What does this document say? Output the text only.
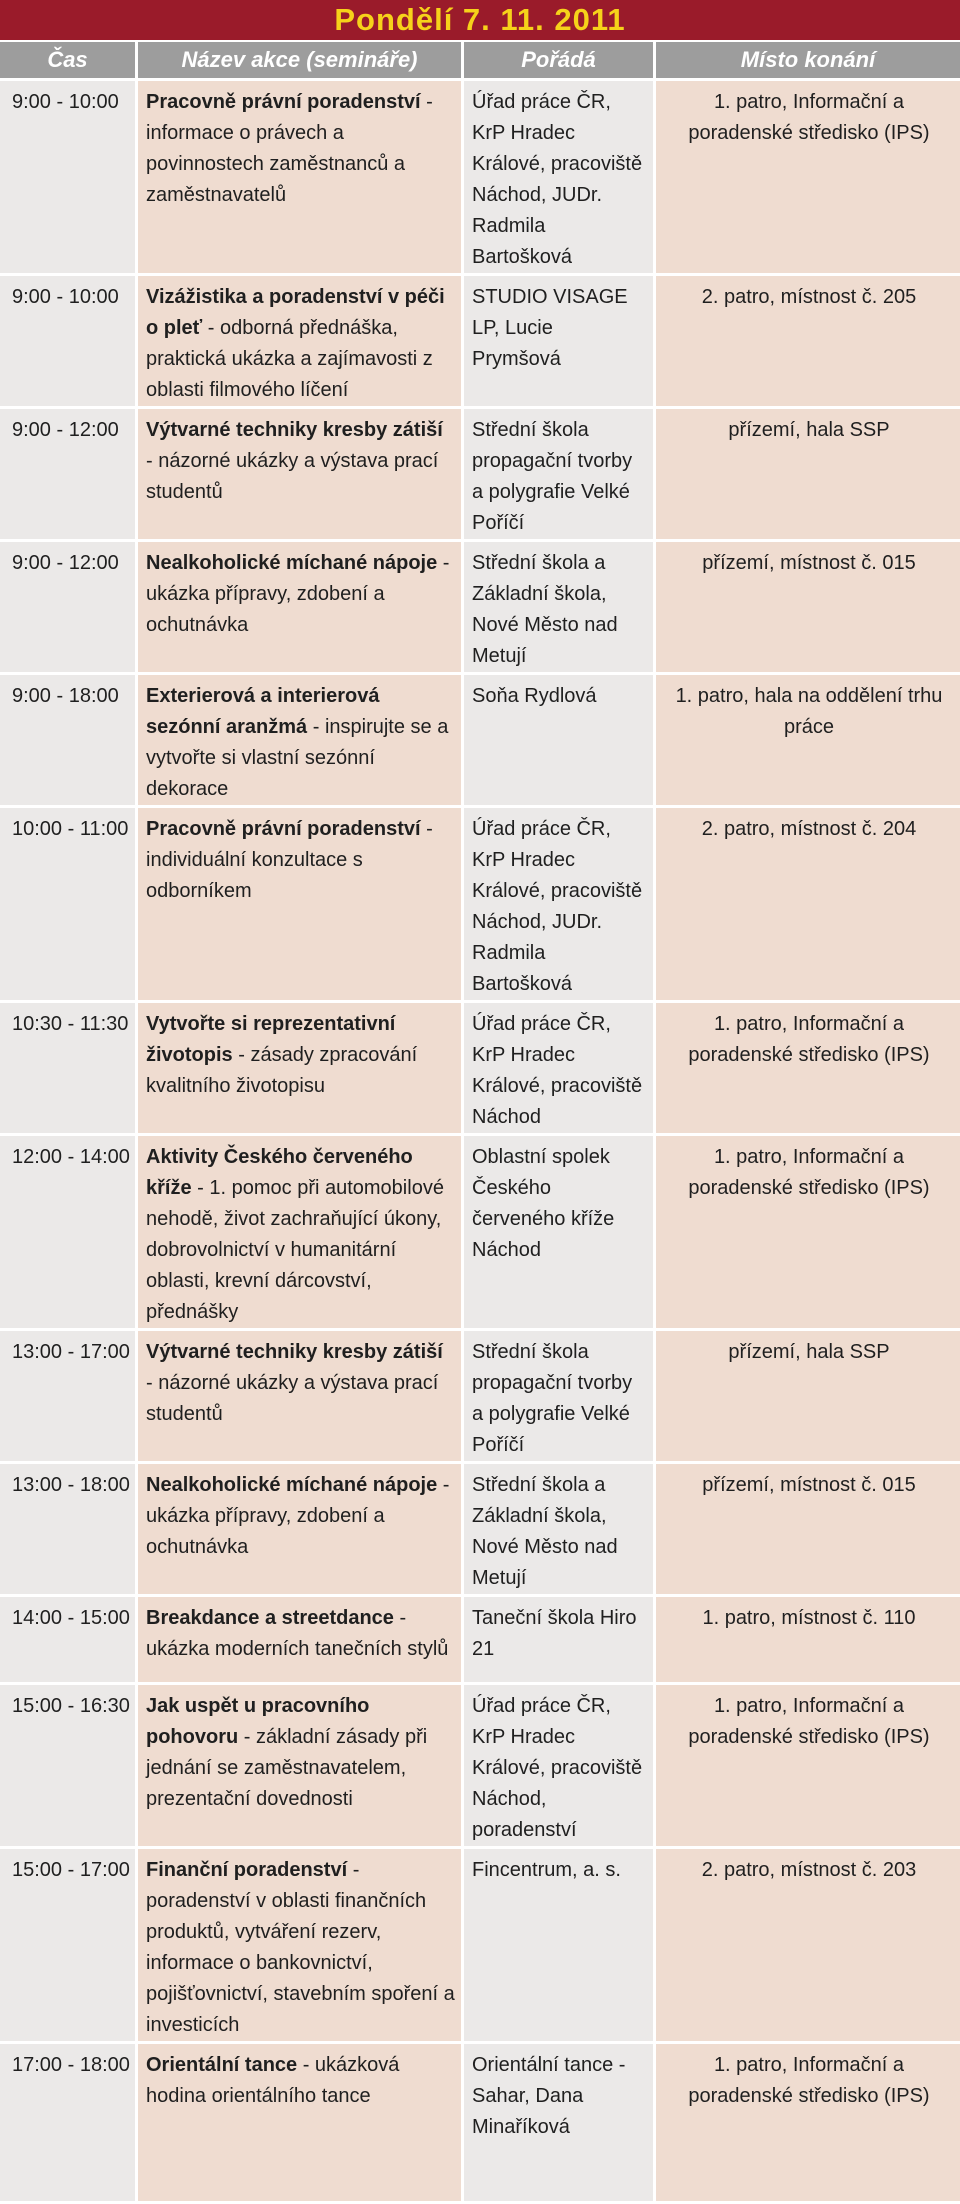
Pondělí 7. 11. 2011
Čas	Název akce (semináře)	Pořádá	Místo konání
9:00 - 10:00	Pracovně právní poradenství - informace o právech a povinnostech zaměstnanců a zaměstnavatelů	Úřad práce ČR, KrP Hradec Králové, pracoviště Náchod, JUDr. Radmila Bartošková	1. patro, Informační a poradenské středisko (IPS)
9:00 - 10:00	Vizážistika a poradenství v péči o pleť - odborná přednáška, praktická ukázka a zajímavosti z oblasti filmového líčení	STUDIO VISAGE LP, Lucie Prymšová	2. patro, místnost č. 205
9:00 - 12:00	Výtvarné techniky kresby zátiší - názorné ukázky a výstava prací studentů	Střední škola propagační tvorby a polygrafie Velké Poříčí	přízemí, hala SSP
9:00 - 12:00	Nealkoholické míchané nápoje - ukázka přípravy, zdobení a ochutnávka	Střední škola a Základní škola, Nové Město nad Metují	přízemí, místnost č. 015
9:00 - 18:00	Exterierová a interierová sezónní aranžmá - inspirujte se a vytvořte si vlastní sezónní dekorace	Soňa Rydlová	1. patro, hala na oddělení trhu práce
10:00 - 11:00	Pracovně právní poradenství - individuální konzultace s odborníkem	Úřad práce ČR, KrP Hradec Králové, pracoviště Náchod, JUDr. Radmila Bartošková	2. patro, místnost č. 204
10:30 - 11:30	Vytvořte si reprezentativní životopis - zásady zpracování kvalitního životopisu	Úřad práce ČR, KrP Hradec Králové, pracoviště Náchod	1. patro, Informační a poradenské středisko (IPS)
12:00 - 14:00	Aktivity Českého červeného kříže - 1. pomoc při automobilové nehodě, život zachraňující úkony, dobrovolnictví v humanitární oblasti, krevní dárcovství, přednášky	Oblastní spolek Českého červeného kříže Náchod	1. patro, Informační a poradenské středisko (IPS)
13:00 - 17:00	Výtvarné techniky kresby zátiší - názorné ukázky a výstava prací studentů	Střední škola propagační tvorby a polygrafie Velké Poříčí	přízemí, hala SSP
13:00 - 18:00	Nealkoholické míchané nápoje - ukázka přípravy, zdobení a ochutnávka	Střední škola a Základní škola, Nové Město nad Metují	přízemí, místnost č. 015
14:00 - 15:00	Breakdance a streetdance - ukázka moderních tanečních stylů	Taneční škola Hiro 21	1. patro, místnost č. 110
15:00 - 16:30	Jak uspět u pracovního pohovoru - základní zásady při jednání se zaměstnavatelem, prezentační dovednosti	Úřad práce ČR, KrP Hradec Králové, pracoviště Náchod, poradenství	1. patro, Informační a poradenské středisko (IPS)
15:00 - 17:00	Finanční poradenství - poradenství v oblasti finančních produktů, vytváření rezerv, informace o bankovnictví, pojišťovnictví, stavebním spoření a investicích	Fincentrum, a. s.	2. patro, místnost č. 203
17:00 - 18:00	Orientální tance - ukázková hodina orientálního tance	Orientální tance - Sahar, Dana Minaříková	1. patro, Informační a poradenské středisko (IPS)
